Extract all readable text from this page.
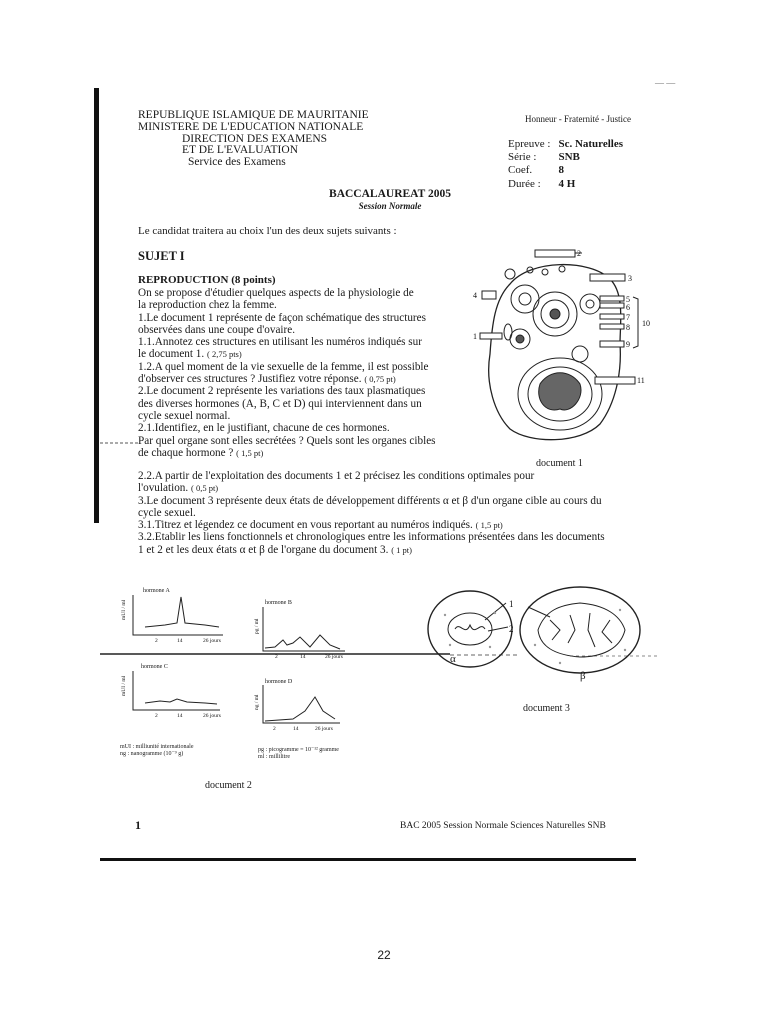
— —
REPUBLIQUE ISLAMIQUE DE MAURITANIE
MINISTERE DE L'EDUCATION NATIONALE
DIRECTION DES EXAMENS
ET DE L'EVALUATION
Service des Examens
Honneur - Fraternité - Justice
Epreuve :	Sc. Naturelles
Série :	SNB
Coef.	8
Durée :	4 H
BACCALAUREAT 2005
Session Normale
Le candidat traitera au choix l'un des deux sujets suivants :
SUJET I
REPRODUCTION (8 points)
On se propose d'étudier quelques aspects de la physiologie de
la reproduction chez la femme.
1.Le document 1 représente de façon schématique des structures
observées dans une coupe d'ovaire.
1.1.Annotez ces structures en utilisant les numéros indiqués sur
le document 1. ( 2,75 pts)
1.2.A quel moment de la vie sexuelle de la femme, il est possible
d'observer ces structures ? Justifiez votre réponse. ( 0,75 pt)
2.Le document 2 représente les variations des taux plasmatiques
des diverses hormones (A, B, C et D) qui interviennent dans un
cycle sexuel normal.
2.1.Identifiez, en le justifiant, chacune de ces hormones.
Par quel organe sont elles secrétées ? Quels sont les organes cibles
de chaque hormone ? ( 1,5 pt)
2.2.A partir de l'exploitation des documents 1 et 2 précisez les conditions optimales pour
l'ovulation. ( 0,5 pt)
3.Le document 3 représente deux états de développement différents α et β d'un organe cible au cours du
cycle sexuel.
3.1.Titrez et légendez ce document en vous reportant au numéros indiqués. ( 1,5 pt)
3.2.Etablir les liens fonctionnels et chronologiques entre les informations présentées dans les documents
1 et 2 et les deux états α et β de l'organe du document 3. ( 1 pt)
2
3
4	5
6
7
8
9
10
11
1
document 1
hormone A
hormone B
hormone C
hormone D
mUI / ml
pg / ml
mUI / ml
ng / ml
2	14	26 jours
2	14	26 jours
2	14	26 jours
2	14	26 jours
mUI : milliunité internationale
ng : nanogramme (10⁻⁹ g)
pg : picogramme = 10⁻¹² gramme
ml : millilitre
document 2
1
2
α
β
document 3
1	BAC 2005 Session Normale Sciences Naturelles SNB
22
